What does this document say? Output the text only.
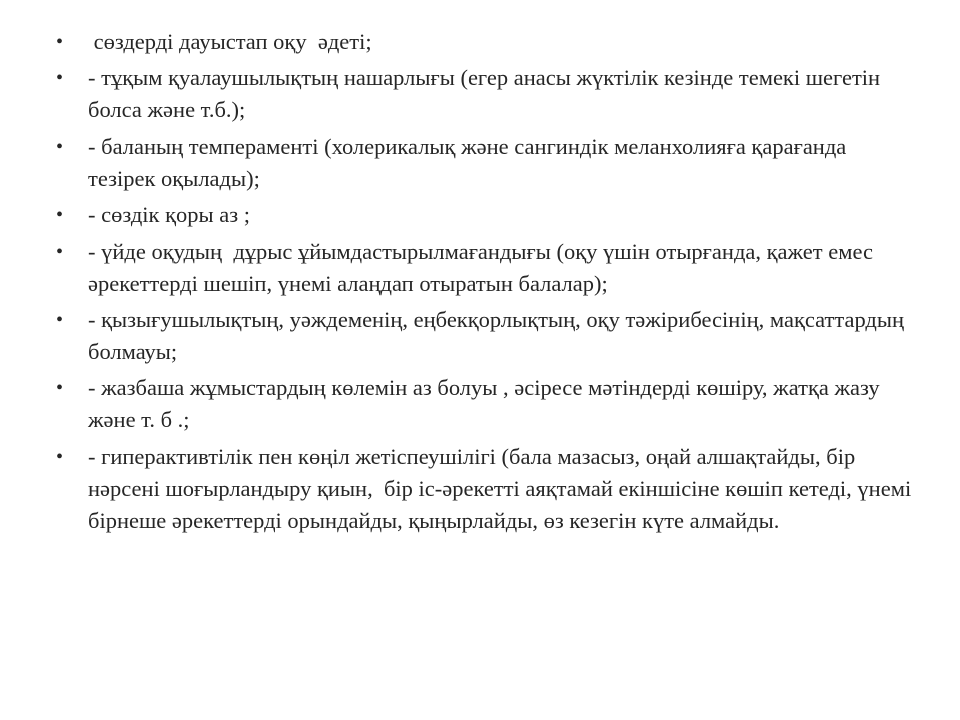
• сөздерді дауыстап оқу  әдеті;
• - тұқым қуалаушылықтың нашарлығы (егер анасы жүктілік кезінде темекі шегетін болса және т.б.);
• - баланың темпераменті (холерикалық және сангиндік меланхолияға қарағанда тезірек оқылады);
• - сөздік қоры аз ;
• - үйде оқудың  дұрыс ұйымдастырылмағандығы (оқу үшін отырғанда, қажет емес әрекеттерді шешіп, үнемі алаңдап отыратын балалар);
• - қызығушылықтың, уәждеменің, еңбекқорлықтың, оқу тәжірибесінің, мақсаттардың болмауы;
• - жазбаша жұмыстардың көлемін аз болуы , әсіресе мәтіндерді көшіру, жатқа жазу және т. б .;
• - гиперактивтілік пен көңіл жетіспеушілігі (бала мазасыз, оңай алшақтайды, бір нәрсені шоғырландыру қиын,  бір іс-әрекетті аяқтамай екіншісіне көшіп кетеді, үнемі бірнеше әрекеттерді орындайды, қыңырлайды, өз кезегін күте алмайды.
